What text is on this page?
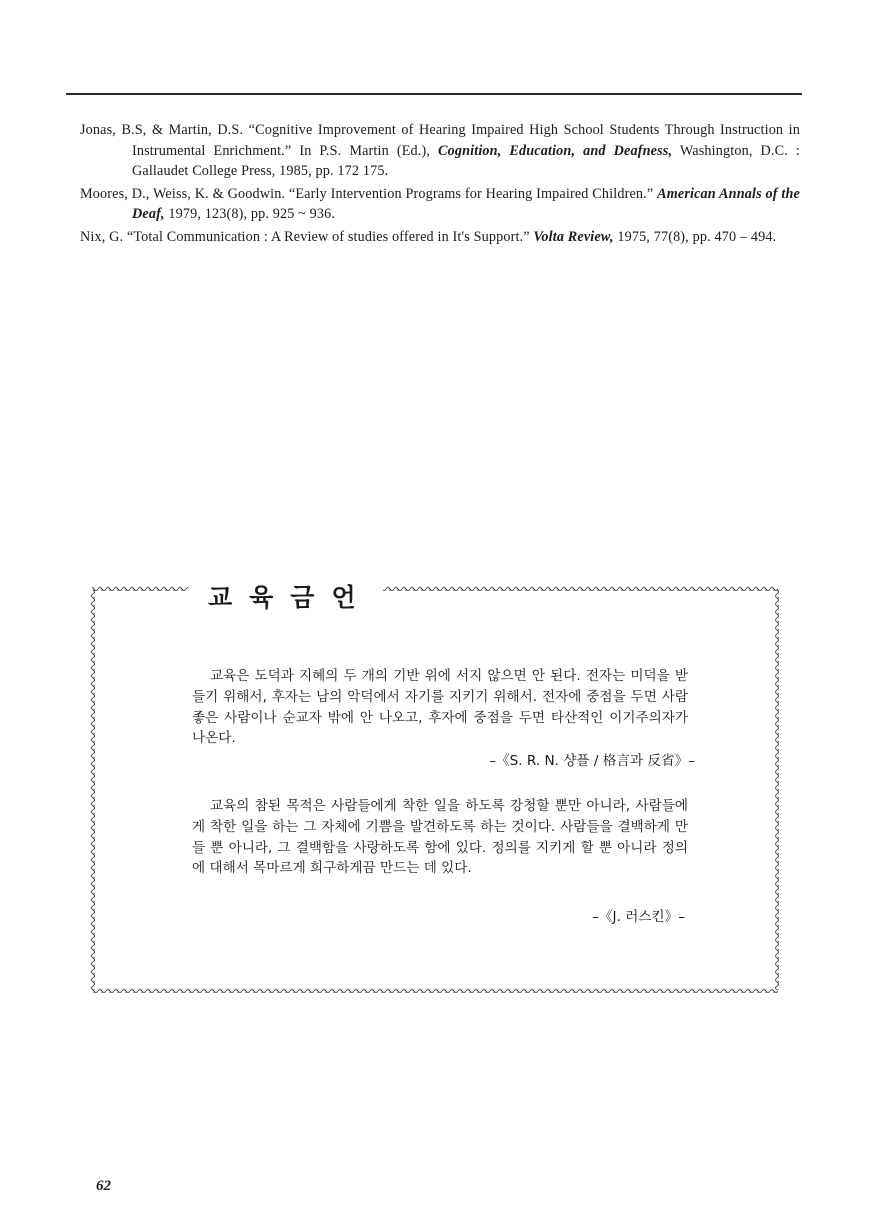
Jonas, B.S, & Martin, D.S. “Cognitive Improvement of Hearing Impaired High School Students Through Instruction in Instrumental Enrichment.” In P.S. Martin (Ed.), Cognition, Education, and Deafness, Washington, D.C. : Gallaudet College Press, 1985, pp. 172 175.

Moores, D., Weiss, K. & Goodwin. “Early Intervention Programs for Hearing Impaired Children.” American Annals of the Deaf, 1979, 123(8), pp. 925 ~ 936.

Nix, G. “Total Communication : A Review of studies offered in It's Support.” Volta Review, 1975, 77(8), pp. 470 – 494.

교육금언

교육은 도덕과 지혜의 두 개의 기반 위에 서지 않으면 안 된다. 전자는 미덕을 받들기 위해서, 후자는 남의 악덕에서 자기를 지키기 위해서. 전자에 중점을 두면 사람좋은 사람이나 순교자 밖에 안 나오고, 후자에 중점을 두면 타산적인 이기주의자가 나온다.

–《S. R. N. 샹플 / 格言과 反省》–

교육의 참된 목적은 사람들에게 착한 일을 하도록 강청할 뿐만 아니라, 사람들에게 착한 일을 하는 그 자체에 기쁨을 발견하도록 하는 것이다. 사람들을 결백하게 만들 뿐 아니라, 그 결백함을 사랑하도록 함에 있다. 정의를 지키게 할 뿐 아니라 정의에 대해서 목마르게 희구하게끔 만드는 데 있다.

–《J. 러스킨》–

62
